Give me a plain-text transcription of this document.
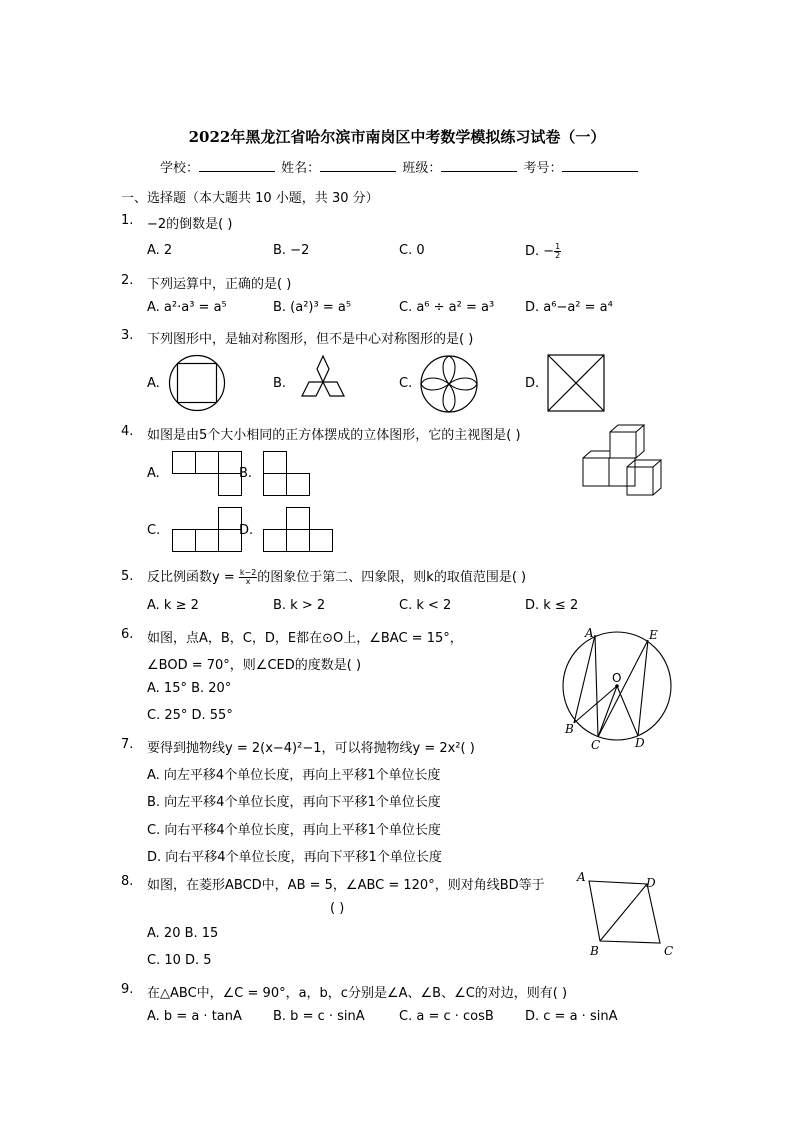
2022年黑龙江省哈尔滨市南岗区中考数学模拟练习试卷（一）
学校：	姓名：	班级：	考号：
一、选择题（本大题共 10 小题，共 30 分）
1. −2的倒数是( )
A. 2	B. −2	C. 0	D. − $\frac{1}{2}$
2. 下列运算中，正确的是( )
A. a²·a³ = a⁵	B. (a²)³ = a⁵	C. a⁶ ÷ a² = a³ D. a⁶−a² = a⁴
3. 下列图形中，是轴对称图形，但不是中心对称图形的是( )
A.	B.	C.	D.
4. 如图是由5个大小相同的正方体摆成的立体图形，它的主视图是( )
A.	B.
C.	D.
5. 反比例函数$y = \frac{k-2}{x}$ 的图象位于第二、四象限，则k的取值范围是( )
A. k ≥ 2	B. k > 2	C. k < 2	D. k ≤ 2
6. 如图，点A，B，C，D，E都在⊙O上，∠BAC = 15°，
∠BOD = 70°，则∠CED的度数是( )
A. 15° B. 20°
C. 25° D. 55°
A	E
O
B
C	D
7. 要得到抛物线y = 2(x−4)²−1，可以将抛物线y = 2x²( )
A. 向左平移4个单位长度，再向上平移1个单位长度
B. 向左平移4个单位长度，再向下平移1个单位长度
C. 向右平移4个单位长度，再向上平移1个单位长度
D. 向右平移4个单位长度，再向下平移1个单位长度
8. 如图，在菱形ABCD中，AB = 5，∠ABC = 120°，则对角线BD等于
( )
A. 20 B. 15
C. 10 D. 5
A	D
B	C
9. 在△ABC中，∠C = 90°，a，b，c分别是∠A、∠B、∠C的对边，则有( )
A. b = a · tanA B. b = c · sinA	C. a = c · cosB D. c = a · sinA
